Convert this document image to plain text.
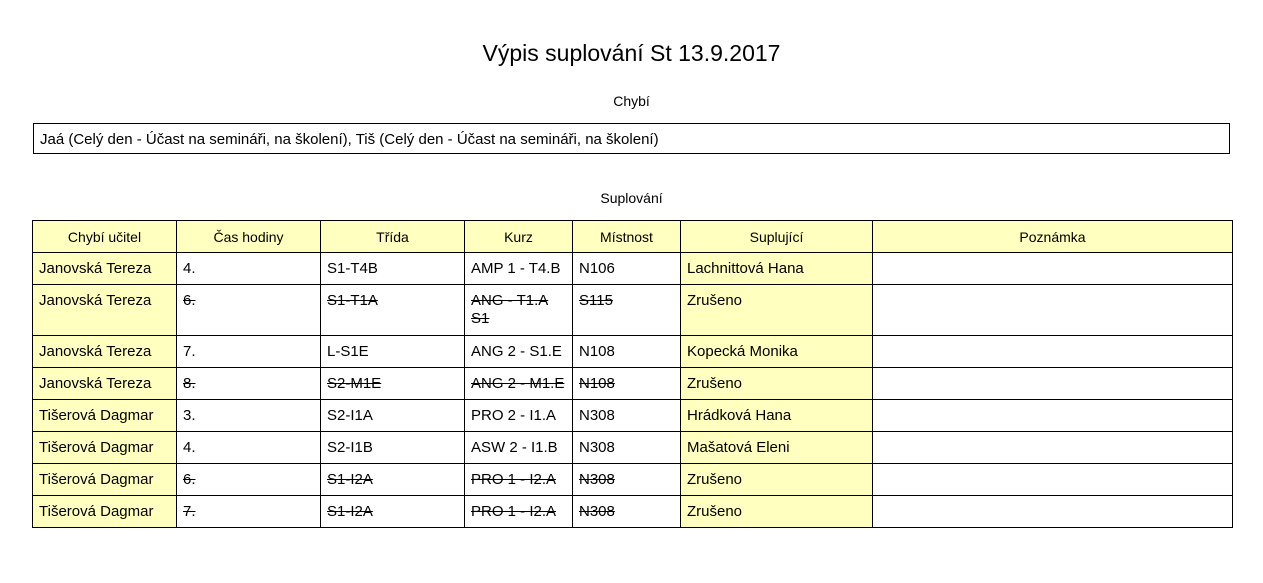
Výpis suplování St 13.9.2017
Chybí
Jaá (Celý den - Účast na semináři, na školení), Tiš (Celý den - Účast na semináři, na školení)
Suplování
Chybí učitel	Čas hodiny	Třída	Kurz	Místnost	Suplující	Poznámka
Janovská Tereza	4.	S1-T4B	AMP 1 - T4.B	N106	Lachnittová Hana	
Janovská Tereza	6.	S1-T1A	ANG - T1.A S1	S115	Zrušeno	
Janovská Tereza	7.	L-S1E	ANG 2 - S1.E	N108	Kopecká Monika	
Janovská Tereza	8.	S2-M1E	ANG 2 - M1.E	N108	Zrušeno	
Tišerová Dagmar	3.	S2-I1A	PRO 2 - I1.A	N308	Hrádková Hana	
Tišerová Dagmar	4.	S2-I1B	ASW 2 - I1.B	N308	Mašatová Eleni	
Tišerová Dagmar	6.	S1-I2A	PRO 1 - I2.A	N308	Zrušeno	
Tišerová Dagmar	7.	S1-I2A	PRO 1 - I2.A	N308	Zrušeno	
